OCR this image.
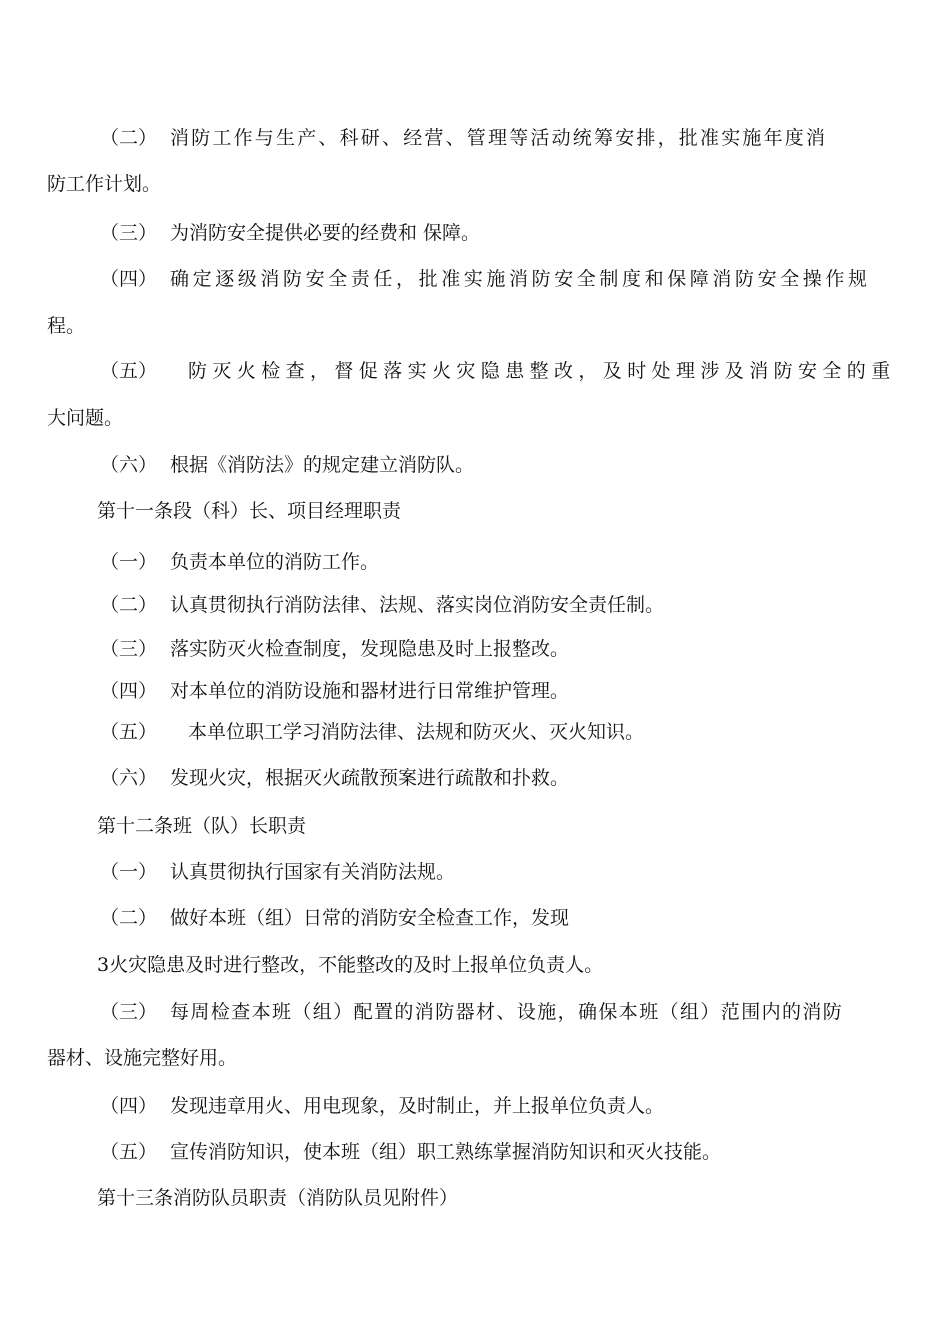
（二） 消防工作与生产、科研、经营、管理等活动统筹安排，批准实施年度消
防工作计划。
（三） 为消防安全提供必要的经费和 保障。
（四） 确定逐级消防安全责任，批准实施消防安全制度和保障消防安全操作规
程。
（五） 防灭火检查，督促落实火灾隐患整改，及时处理涉及消防安全的重
大问题。
（六） 根据《消防法》的规定建立消防队。
第十一条段（科）长、项目经理职责
（一） 负责本单位的消防工作。
（二） 认真贯彻执行消防法律、法规、落实岗位消防安全责任制。
（三） 落实防灭火检查制度，发现隐患及时上报整改。
（四） 对本单位的消防设施和器材进行日常维护管理。
（五） 本单位职工学习消防法律、法规和防灭火、灭火知识。
（六） 发现火灾，根据灭火疏散预案进行疏散和扑救。
第十二条班（队）长职责
（一） 认真贯彻执行国家有关消防法规。
（二） 做好本班（组）日常的消防安全检查工作，发现
3火灾隐患及时进行整改，不能整改的及时上报单位负责人。
（三） 每周检查本班（组）配置的消防器材、设施，确保本班（组）范围内的消防
器材、设施完整好用。
（四） 发现违章用火、用电现象，及时制止，并上报单位负责人。
（五） 宣传消防知识，使本班（组）职工熟练掌握消防知识和灭火技能。
第十三条消防队员职责（消防队员见附件）
